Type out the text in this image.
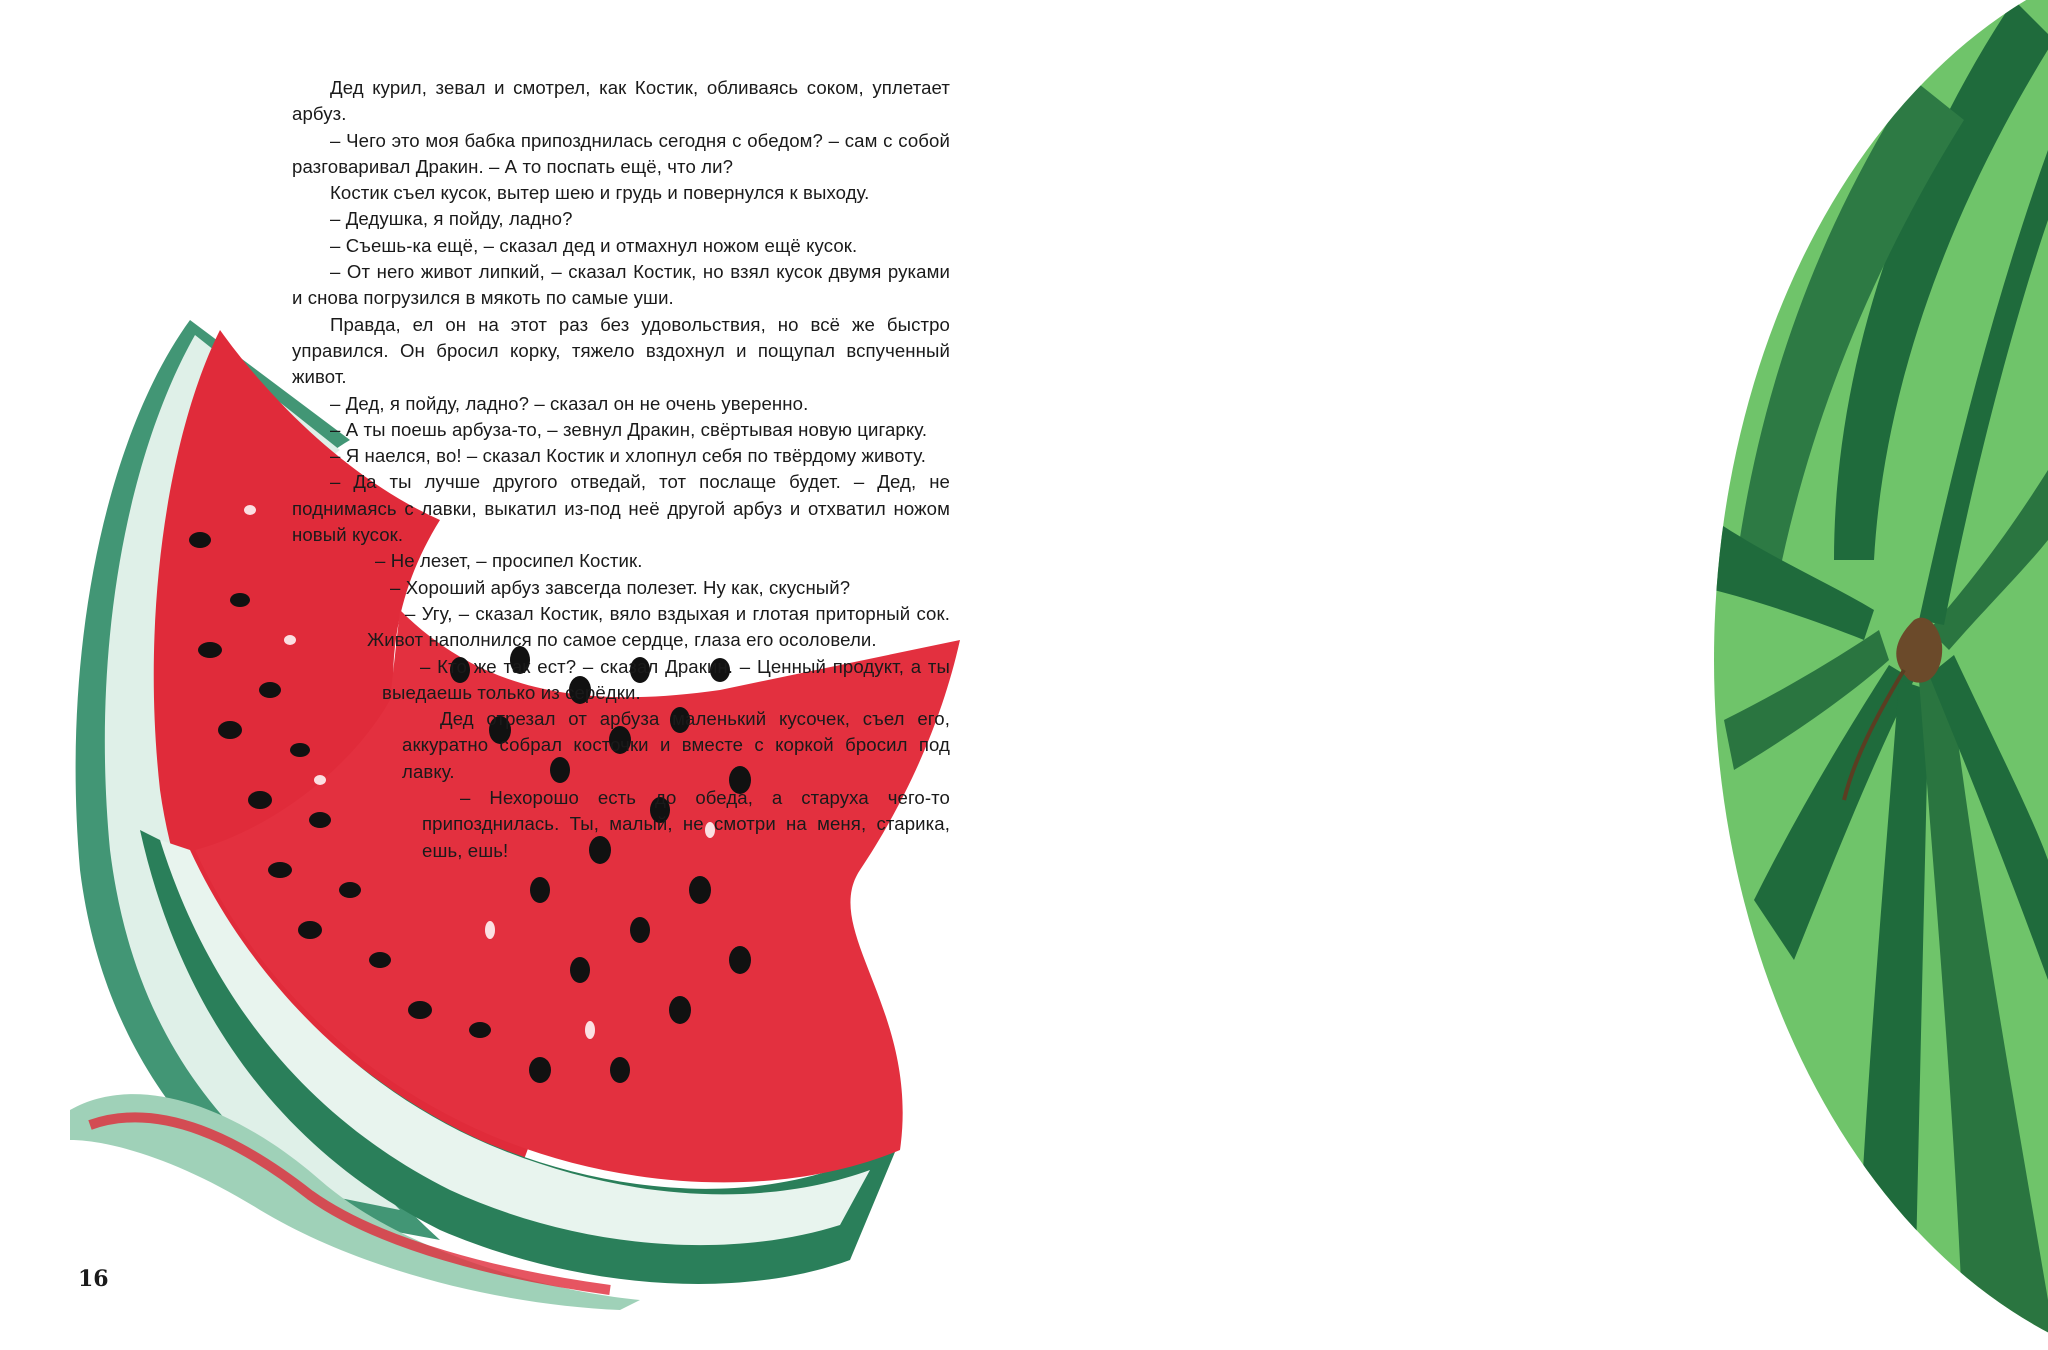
Дед курил, зевал и смотрел, как Костик, обливаясь соком, уплетает арбуз.

– Чего это моя бабка припозднилась сегодня с обедом? – сам с собой разговаривал Дракин. – А то поспать ещё, что ли?

Костик съел кусок, вытер шею и грудь и повернулся к выходу.

– Дедушка, я пойду, ладно?

– Съешь-ка ещё, – сказал дед и отмахнул ножом ещё кусок.

– От него живот липкий, – сказал Костик, но взял кусок двумя руками и снова погрузился в мякоть по самые уши.

Правда, ел он на этот раз без удовольствия, но всё же быстро управился. Он бросил корку, тяжело вздохнул и пощупал вспученный живот.

– Дед, я пойду, ладно? – сказал он не очень уверенно.

– А ты поешь арбуза-то, – зевнул Дракин, свёртывая новую цигарку.

– Я наелся, во! – сказал Костик и хлопнул себя по твёрдому животу.

– Да ты лучше другого отведай, тот послаще будет. – Дед, не поднимаясь с лавки, выкатил из-под неё другой арбуз и отхватил ножом новый кусок.

– Не лезет, – просипел Костик.

– Хороший арбуз завсегда полезет. Ну как, скусный?

– Угу, – сказал Костик, вяло вздыхая и глотая приторный сок. Живот наполнился по самое сердце, глаза его осоловели.

– Кто же так ест? – сказал Дракин. – Ценный продукт, а ты выедаешь только из серёдки.

Дед отрезал от арбуза маленький кусочек, съел его, аккуратно собрал косточки и вместе с коркой бросил под лавку.

– Нехорошо есть до обеда, а старуха чего-то припозднилась. Ты, малый, не смотри на меня, старика, ешь, ешь!

16
